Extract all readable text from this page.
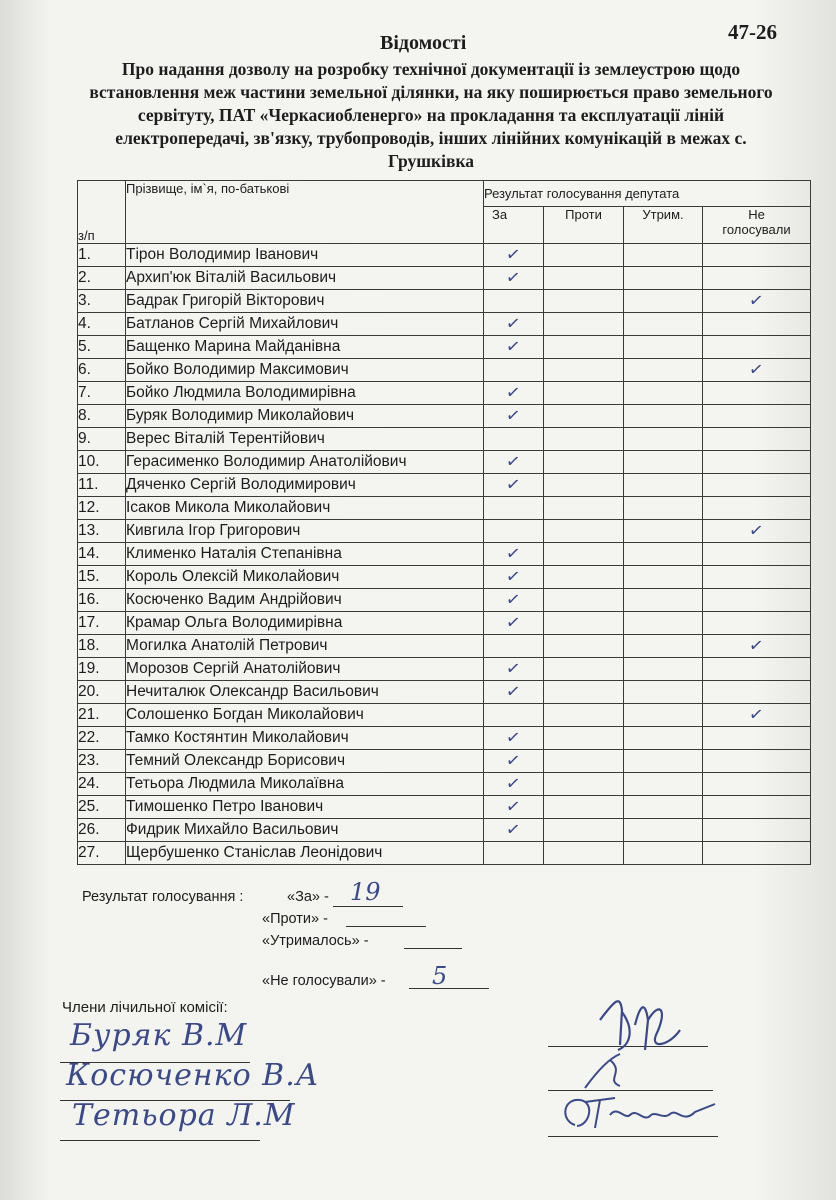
47-26
Відомості
Про надання дозволу на розробку технічної документації із землеустрою щодо встановлення меж частини земельної ділянки, на яку поширюється право земельного сервітуту, ПАТ «Черкасиобленерго» на прокладання та експлуатації ліній електропередачі, зв'язку, трубопроводів, інших лінійних комунікацій в межах с. Грушківка
з/п	Прізвище, ім`я, по-батькові	Результат голосування депутата			
		За	Проти	Утрим.	Не
голосували
1.	Тірон Володимир Іванович	✓			
2.	Архип'юк Віталій Васильович	✓			
3.	Бадрак Григорій Вікторович				✓
4.	Батланов Сергій Михайлович	✓			
5.	Бащенко Марина Майданівна	✓			
6.	Бойко Володимир Максимович				✓
7.	Бойко Людмила Володимирівна	✓			
8.	Буряк Володимир Миколайович	✓			
9.	Верес Віталій Терентійович				
10.	Герасименко Володимир Анатолійович	✓			
11.	Дяченко Сергій Володимирович	✓			
12.	Ісаков Микола Миколайович				
13.	Кивгила Ігор Григорович				✓
14.	Клименко Наталія Степанівна	✓			
15.	Король Олексій Миколайович	✓			
16.	Косюченко Вадим Андрійович	✓			
17.	Крамар Ольга Володимирівна	✓			
18.	Могилка Анатолій Петрович				✓
19.	Морозов Сергій Анатолійович	✓			
20.	Нечиталюк Олександр Васильович	✓			
21.	Солошенко Богдан Миколайович				✓
22.	Тамко Костянтин Миколайович	✓			
23.	Темний Олександр Борисович	✓			
24.	Тетьора Людмила Миколаївна	✓			
25.	Тимошенко Петро Іванович	✓			
26.	Фидрик Михайло Васильович	✓			
27.	Щербушенко Станіслав Леонідович				
Результат голосування :	«За» - 19
«Проти» -
«Утрималось» -
«Не голосували» - 5
Члени лічильної комісії:
Буряк В.М
Косюченко В.А
Тетьора Л.М
